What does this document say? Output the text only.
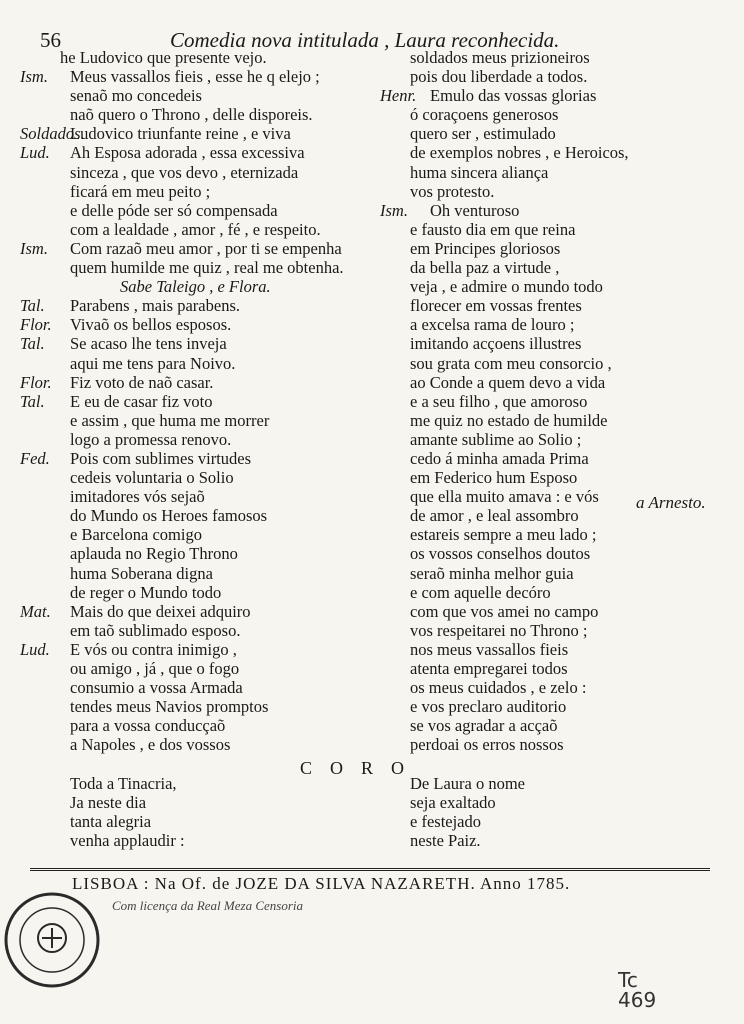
56	Comedia nova intitulada , Laura reconhecida.
he Ludovico que presente vejo.
Ism. Meus vassallos fieis , esse he q elejo ;
senaõ mo concedeis
naõ quero o Throno , delle disporeis.
Soldados.Ludovico triunfante reine , e viva
Lud. Ah Esposa adorada , essa excessiva
sinceza , que vos devo , eternizada
ficará em meu peito ;
e delle póde ser só compensada
com a lealdade , amor , fé , e respeito.
Ism. Com razaõ meu amor , por ti se empenha
quem humilde me quiz , real me obtenha.
Sabe Taleigo , e Flora.
Tal. Parabens , mais parabens.
Flor. Vivaõ os bellos esposos.
Tal. Se acaso lhe tens inveja
aqui me tens para Noivo.
Flor. Fiz voto de naõ casar.
Tal. E eu de casar fiz voto
e assim , que huma me morrer
logo a promessa renovo.
Fed. Pois com sublimes virtudes
cedeis voluntaria o Solio
imitadores vós sejaõ
do Mundo os Heroes famosos
e Barcelona comigo
aplauda no Regio Throno
huma Soberana digna
de reger o Mundo todo
Mat. Mais do que deixei adquiro
em taõ sublimado esposo.
Lud. E vós ou contra inimigo ,
ou amigo , já , que o fogo
consumio a vossa Armada
tendes meus Navios promptos
para a vossa conducçaõ
a Napoles , e dos vossos
Toda a Tinacria,
Ja neste dia
tanta alegria
venha applaudir :
soldados meus prizioneiros
pois dou liberdade a todos.
Henr. Emulo das vossas glorias
ó coraçoens generosos
quero ser , estimulado
de exemplos nobres , e Heroicos,
huma sincera aliança
vos protesto.
Ism. Oh venturoso
e fausto dia em que reina
em Principes gloriosos
da bella paz a virtude ,
veja , e admire o mundo todo
florecer em vossas frentes
a excelsa rama de louro ;
imitando acçoens illustres
sou grata com meu consorcio ,
ao Conde a quem devo a vida
e a seu filho , que amoroso
me quiz no estado de humilde
amante sublime ao Solio ;
cedo á minha amada Prima
em Federico hum Esposo
que ella muito amava : e vós
de amor , e leal assombro
estareis sempre a meu lado ;
os vossos conselhos doutos
seraõ minha melhor guia
e com aquelle decóro
com que vos amei no campo
vos respeitarei no Throno ;
nos meus vassallos fieis
atenta empregarei todos
os meus cuidados , e zelo :
e vos preclaro auditorio
se vos agradar a acçaõ
perdoai os erros nossos
De Laura o nome
seja exaltado
e festejado
neste Paiz.
a Arnesto.
CORO
LISBOA : Na Of. de JOZE DA SILVA NAZARETH. Anno 1785.
Com licença da Real Meza Censoria
Tc
469
